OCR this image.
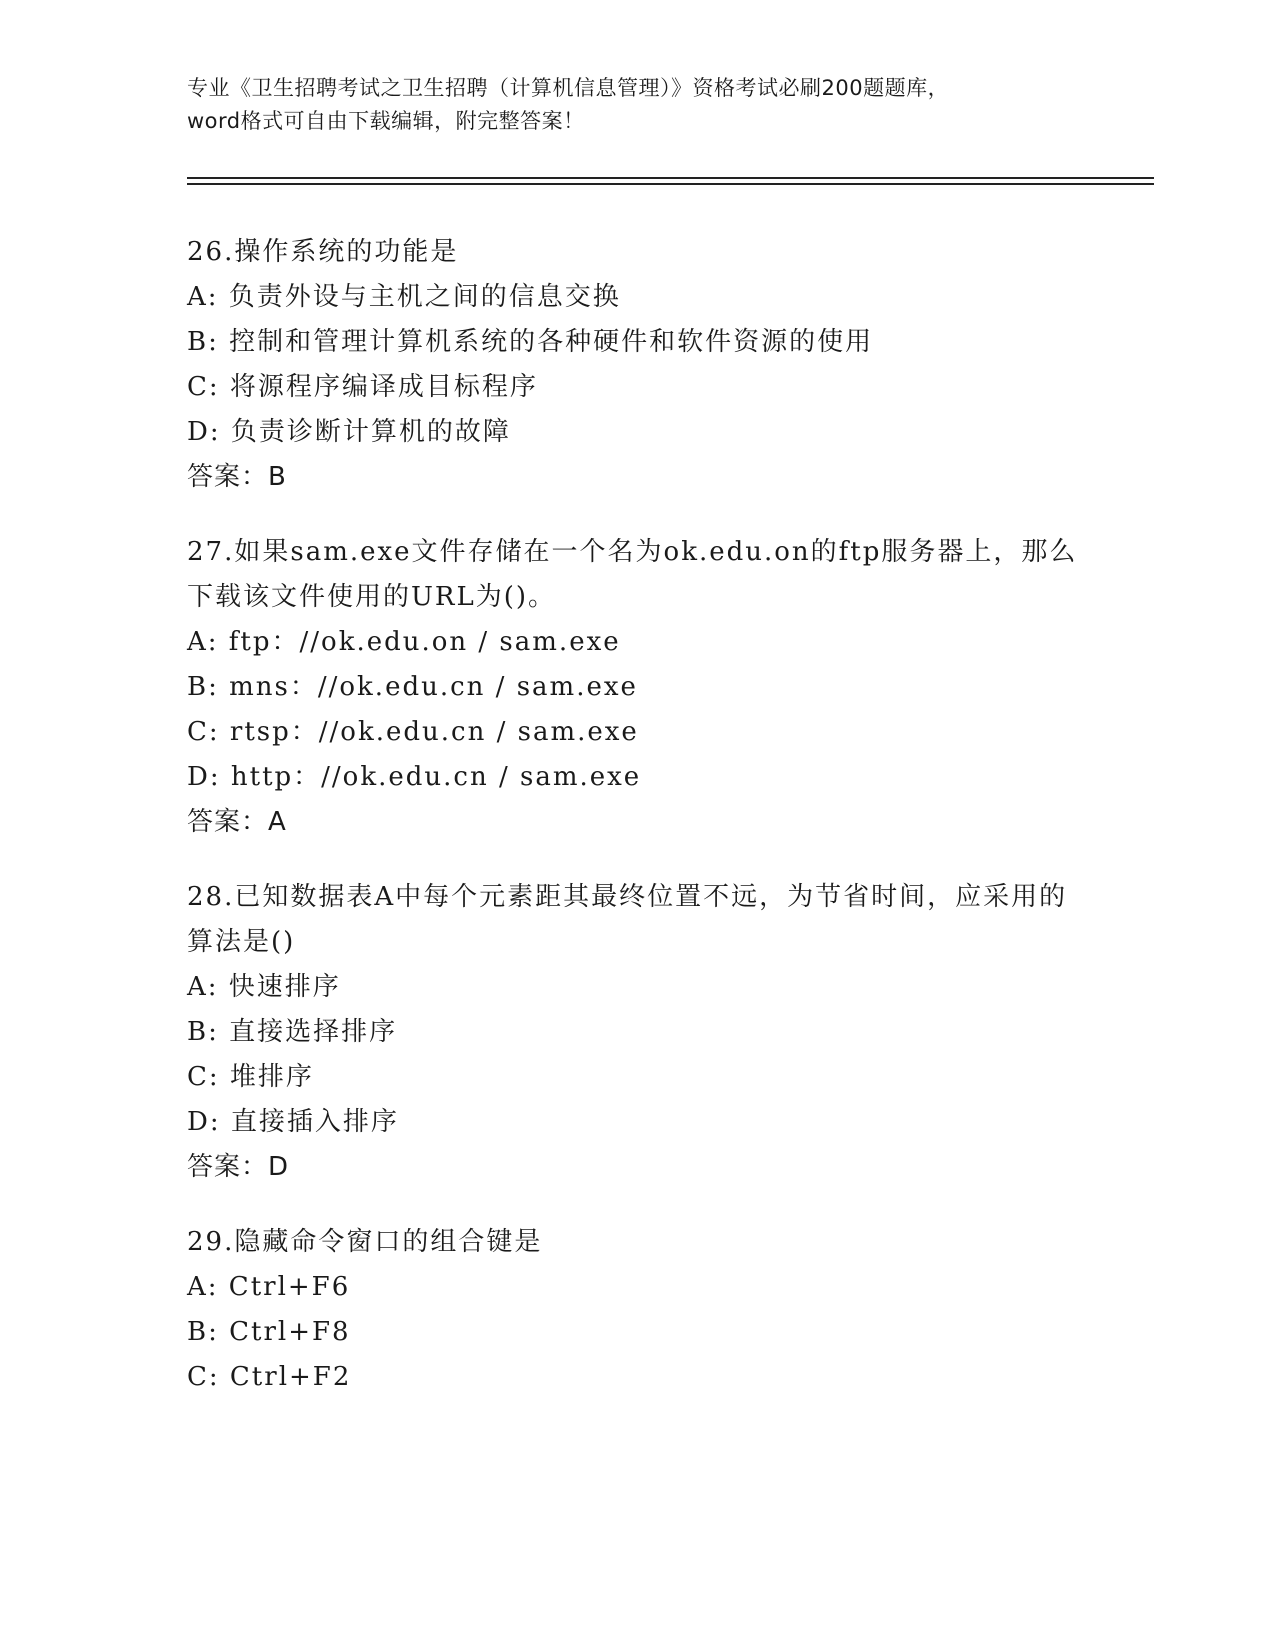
专业《卫生招聘考试之卫生招聘（计算机信息管理）》资格考试必刷200题题库，
word格式可自由下载编辑，附完整答案！

26.操作系统的功能是

A: 负责外设与主机之间的信息交换

B: 控制和管理计算机系统的各种硬件和软件资源的使用

C: 将源程序编译成目标程序

D: 负责诊断计算机的故障

答案：B

27.如果sam.exe文件存储在一个名为ok.edu.on的ftp服务器上，那么下载该文件使用的URL为()。

A: ftp：//ok.edu.on / sam.exe

B: mns：//ok.edu.cn / sam.exe

C: rtsp：//ok.edu.cn / sam.exe

D: http：//ok.edu.cn / sam.exe

答案：A

28.已知数据表A中每个元素距其最终位置不远，为节省时间，应采用的算法是()

A: 快速排序

B: 直接选择排序

C: 堆排序

D: 直接插入排序

答案：D

29.隐藏命令窗口的组合键是

A: Ctrl+F6

B: Ctrl+F8

C: Ctrl+F2
